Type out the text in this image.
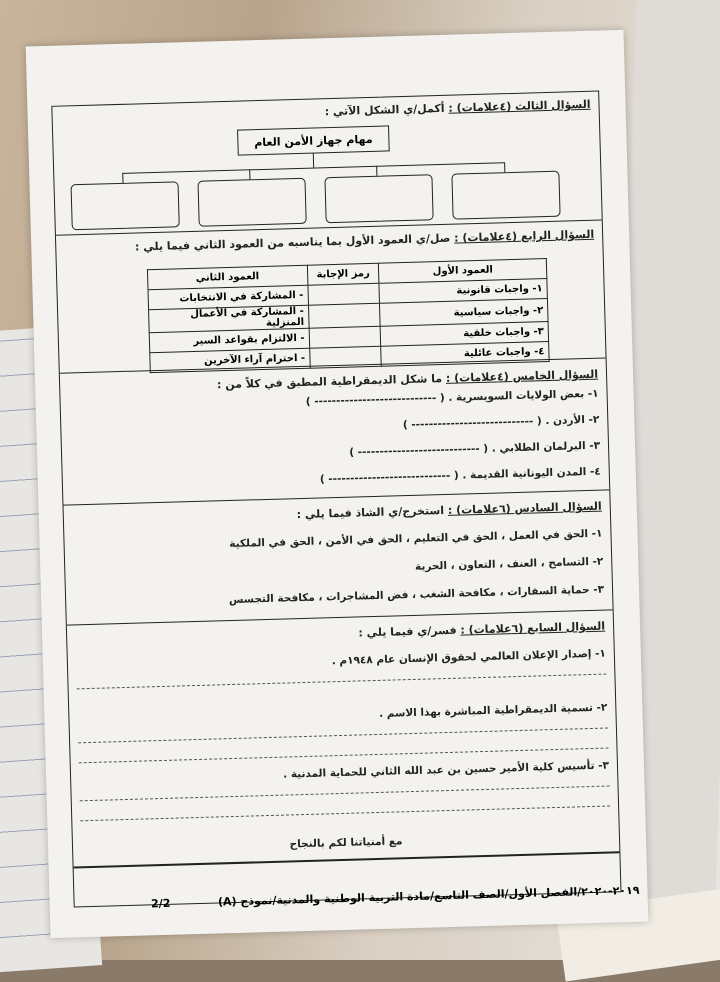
السؤال الثالث (٤علامات) : أكمل/ي الشكل الآتي :
مهام جهاز الأمن العام
السؤال الرابع (٤علامات) : صل/ي العمود الأول بما يناسبه من العمود الثاني فيما يلي :
العمود الأول	رمز الإجابة	العمود الثاني
١- واجبات قانونية		- المشاركة في الانتخابات
٢- واجبات سياسية		- المشاركة في الأعمال المنزلية
٣- واجبات خلقية		- الالتزام بقواعد السير
٤- واجبات عائلية		- احترام آراء الآخرين
السؤال الخامس (٤علامات) : ما شكل الديمقراطية المطبق في كلاً من :
١- بعض الولايات السويسرية . ( ---------------------------- )
٢- الأردن . ( ---------------------------- )
٣- البرلمان الطلابي . ( ---------------------------- )
٤- المدن اليونانية القديمة . ( ---------------------------- )
السؤال السادس (٦علامات) : استخرج/ي الشاذ فيما يلي :
١- الحق في العمل ، الحق في التعليم ، الحق في الأمن ، الحق في الملكية
٢- التسامح ، العنف ، التعاون ، الحرية
٣- حماية السفارات ، مكافحة الشغب ، فض المشاجرات ، مكافحة التجسس
السؤال السابع (٦علامات) : فسر/ي فيما يلي :
١- إصدار الإعلان العالمي لحقوق الإنسان عام ١٩٤٨م .
٢- تسمية الديمقراطية المباشرة بهذا الاسم .
٣- تأسيس كلية الأمير حسين بن عبد الله الثاني للحماية المدنية .
مع أمنياتنا لكم بالنجاح
٢٠١٩-٢٠٢٠/الفصل الأول/الصف التاسع/مادة التربية الوطنية والمدنية/نموذج (A)  2/2
